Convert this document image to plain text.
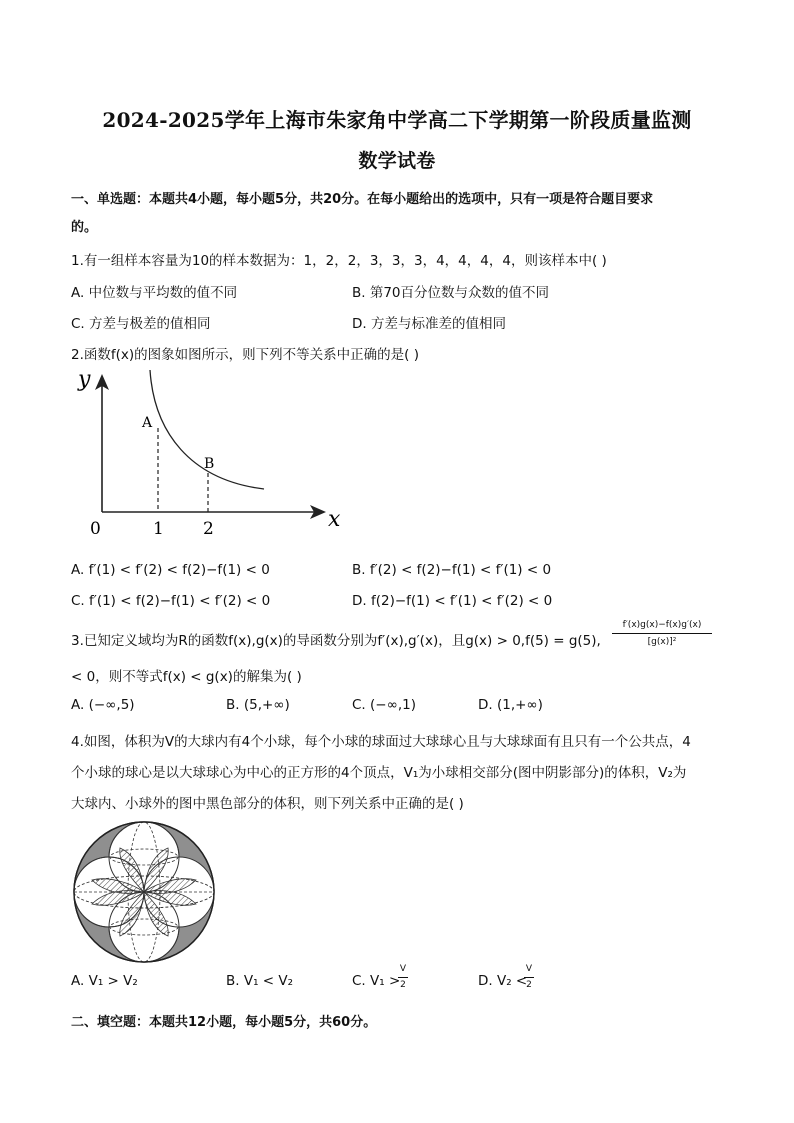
2024-2025学年上海市朱家角中学高二下学期第一阶段质量监测
数学试卷
一、单选题：本题共4小题，每小题5分，共20分。在每小题给出的选项中，只有一项是符合题目要求
的。
1.有一组样本容量为10的样本数据为：1，2，2，3，3，3，4，4，4，4，则该样本中( )
A. 中位数与平均数的值不同	B. 第70百分位数与众数的值不同
C. 方差与极差的值相同	D. 方差与标准差的值相同
2.函数f(x)的图象如图所示，则下列不等关系中正确的是( )
y
x
0	1 2
A
B
A. f′(1) < f′(2) < f(2)−f(1) < 0	B. f′(2) < f(2)−f(1) < f′(1) < 0
C. f′(1) < f(2)−f(1) < f′(2) < 0	D. f(2)−f(1) < f′(1) < f′(2) < 0
3.已知定义域均为R的函数f(x),g(x)的导函数分别为f′(x),g′(x)，且g(x) > 0,f(5) = g(5),
f′(x)g(x)−f(x)g′(x)
[g(x)]²
< 0，则不等式f(x) < g(x)的解集为( )
A. (−∞,5)	B. (5,+∞)	C. (−∞,1)	D. (1,+∞)
4.如图，体积为V的大球内有4个小球，每个小球的球面过大球球心且与大球球面有且只有一个公共点，4
个小球的球心是以大球球心为中心的正方形的4个顶点，V₁为小球相交部分(图中阴影部分)的体积，V₂为
大球内、小球外的图中黑色部分的体积，则下列关系中正确的是( )
A. V₁ > V₂	B. V₁ < V₂	C. V₁ >
V
2	D. V₂ <
V
2
二、填空题：本题共12小题，每小题5分，共60分。
